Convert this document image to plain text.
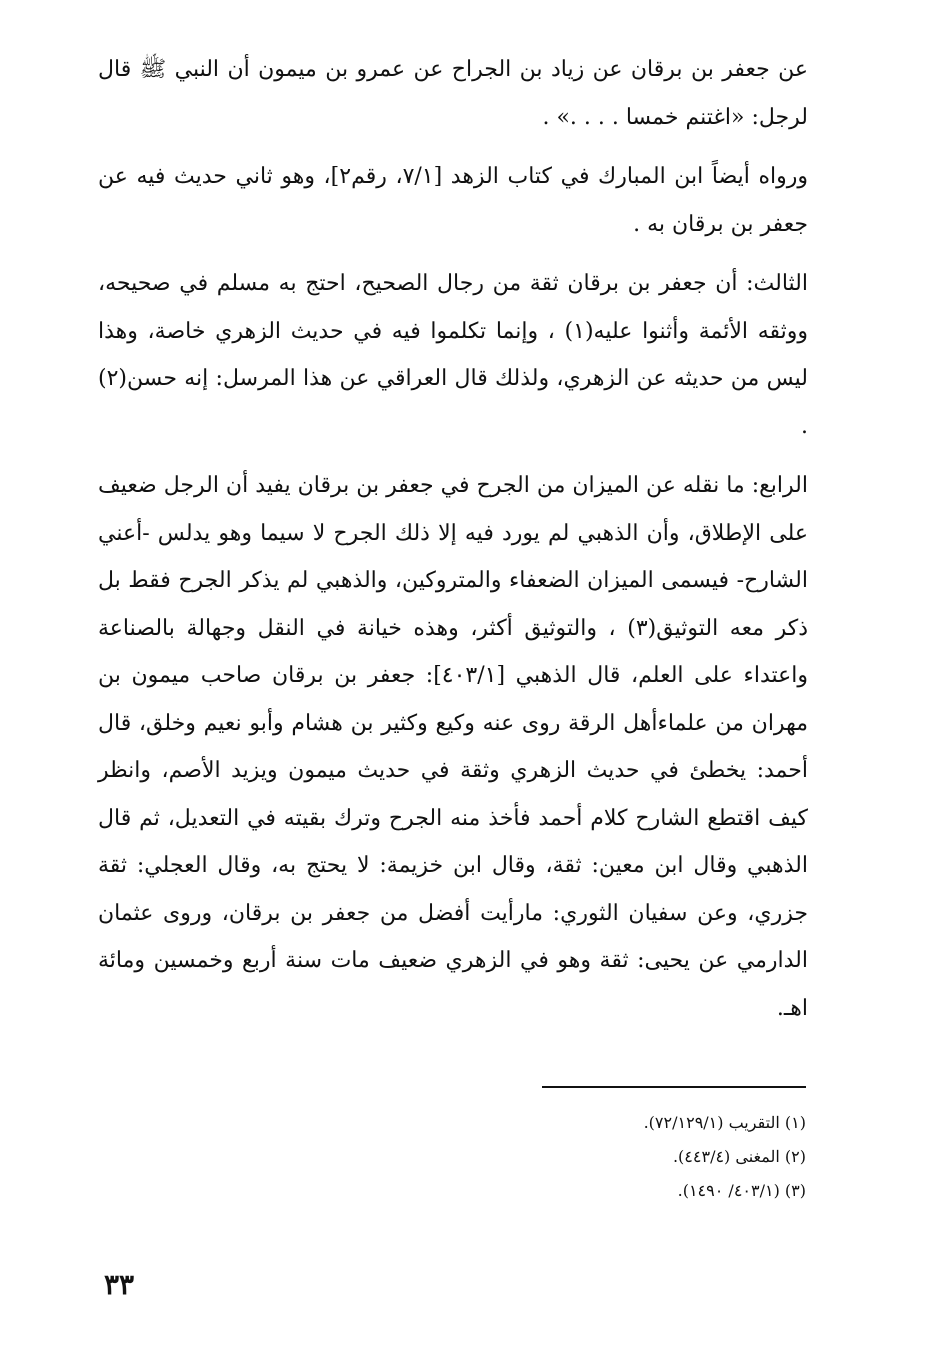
عن جعفر بن برقان عن زياد بن الجراح عن عمرو بن ميمون أن النبي ﷺ قال لرجل: «اغتنم خمسا . . . .» .

ورواه أيضاً ابن المبارك في كتاب الزهد [٧/١، رقم٢]، وهو ثاني حديث فيه عن جعفر بن برقان به .

الثالث: أن جعفر بن برقان ثقة من رجال الصحيح، احتج به مسلم في صحيحه، ووثقه الأئمة وأثنوا عليه(١) ، وإنما تكلموا فيه في حديث الزهري خاصة، وهذا ليس من حديثه عن الزهري، ولذلك قال العراقي عن هذا المرسل: إنه حسن(٢) .

الرابع: ما نقله عن الميزان من الجرح في جعفر بن برقان يفيد أن الرجل ضعيف على الإطلاق، وأن الذهبي لم يورد فيه إلا ذلك الجرح لا سيما وهو يدلس -أعني الشارح- فيسمى الميزان الضعفاء والمتروكين، والذهبي لم يذكر الجرح فقط بل ذكر معه التوثيق(٣) ، والتوثيق أكثر، وهذه خيانة في النقل وجهالة بالصناعة واعتداء على العلم، قال الذهبي [٤٠٣/١]: جعفر بن برقان صاحب ميمون بن مهران من علماءأهل الرقة روى عنه وكيع وكثير بن هشام وأبو نعيم وخلق، قال أحمد: يخطئ في حديث الزهري وثقة في حديث ميمون ويزيد الأصم، وانظر كيف اقتطع الشارح كلام أحمد فأخذ منه الجرح وترك بقيته في التعديل، ثم قال الذهبي وقال ابن معين: ثقة، وقال ابن خزيمة: لا يحتج به، وقال العجلي: ثقة جزري، وعن سفيان الثوري: مارأيت أفضل من جعفر بن برقان، وروى عثمان الدارمي عن يحيى: ثقة وهو في الزهري ضعيف مات سنة أربع وخمسين ومائة اهـ.

(١) التقريب (٧٢/١٢٩/١).
(٢) المغنى (٤٤٣/٤).
(٣) (٤٠٣/١/ ١٤٩٠).
٣٣
